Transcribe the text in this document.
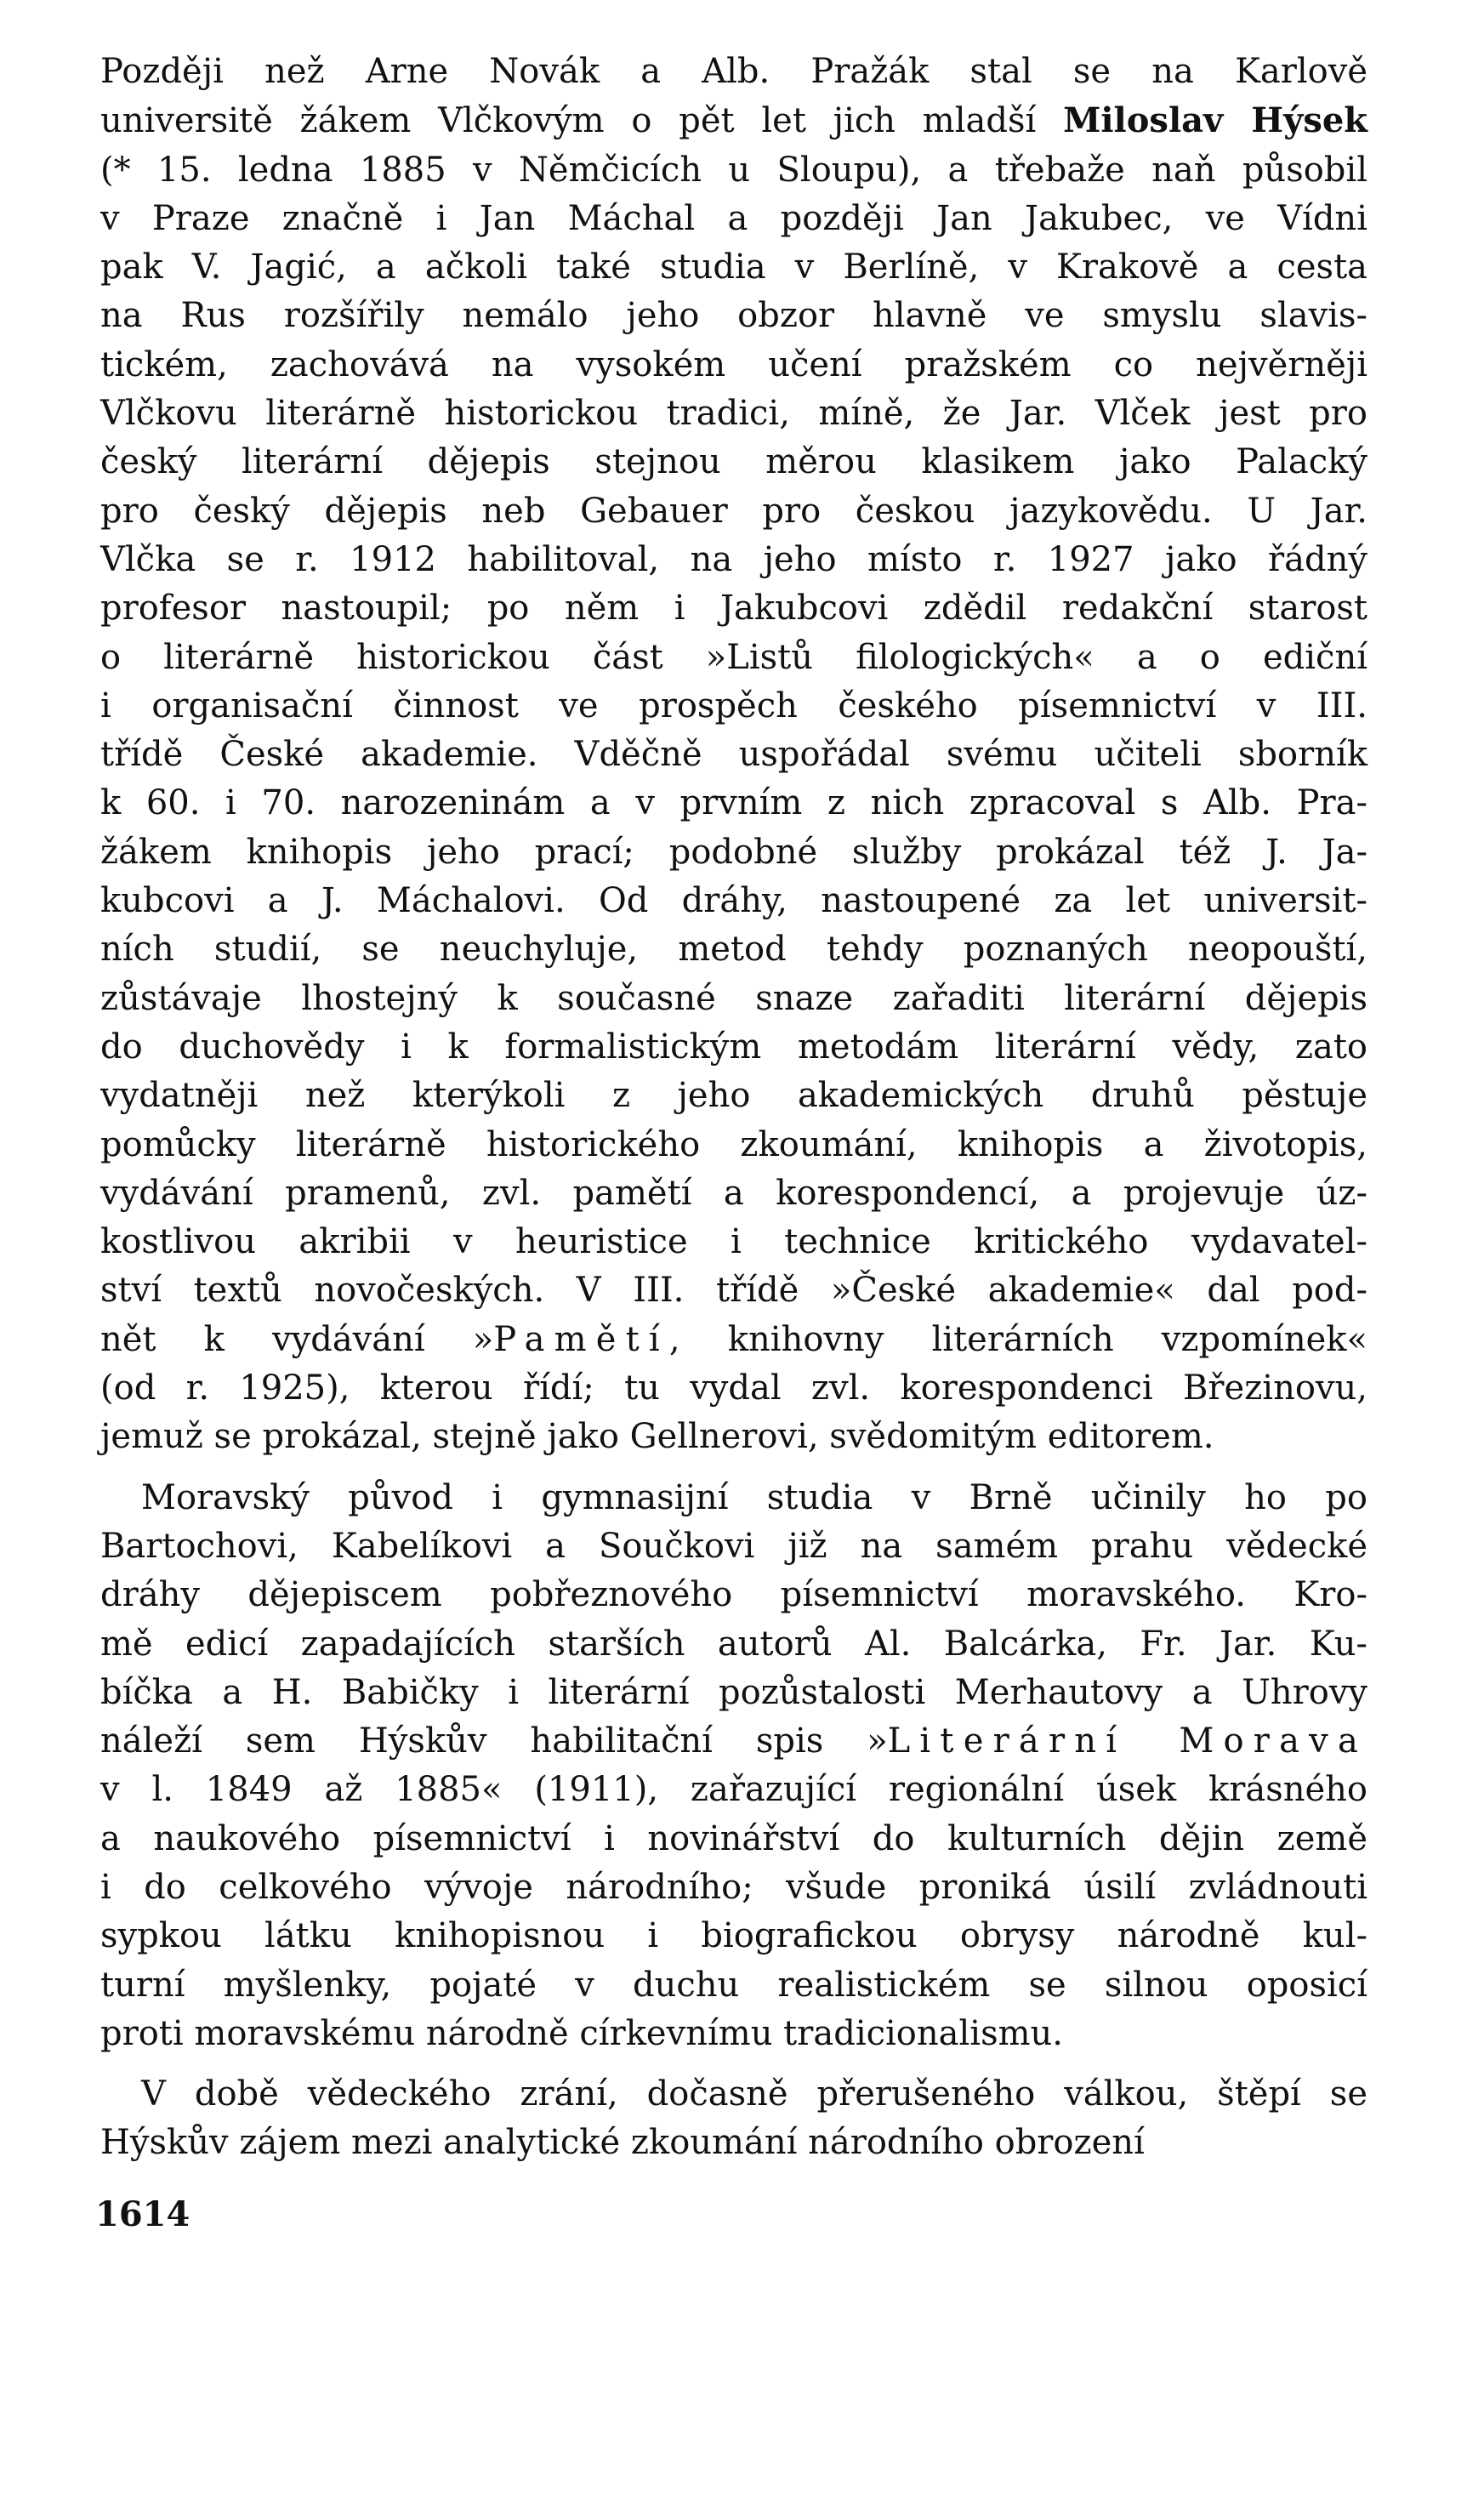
Později než Arne Novák a Alb. Pražák stal se na Karlově
universitě žákem Vlčkovým o pět let jich mladší Miloslav Hýsek
(* 15. ledna 1885 v Němčicích u Sloupu), a třebaže naň působil
v Praze značně i Jan Máchal a později Jan Jakubec, ve Vídni
pak V. Jagić, a ačkoli také studia v Berlíně, v Krakově a cesta
na Rus rozšířily nemálo jeho obzor hlavně ve smyslu slavis-
tickém, zachovává na vysokém učení pražském co nejvěrněji
Vlčkovu literárně historickou tradici, míně, že Jar. Vlček jest pro
český literární dějepis stejnou měrou klasikem jako Palacký
pro český dějepis neb Gebauer pro českou jazykovědu. U Jar.
Vlčka se r. 1912 habilitoval, na jeho místo r. 1927 jako řádný
profesor nastoupil; po něm i Jakubcovi zdědil redakční starost
o literárně historickou část »Listů filologických« a o ediční
i organisační činnost ve prospěch českého písemnictví v III.
třídě České akademie. Vděčně uspořádal svému učiteli sborník
k 60. i 70. narozeninám a v prvním z nich zpracoval s Alb. Pra-
žákem knihopis jeho prací; podobné služby prokázal též J. Ja-
kubcovi a J. Máchalovi. Od dráhy, nastoupené za let universit-
ních studií, se neuchyluje, metod tehdy poznaných neopouští,
zůstávaje lhostejný k současné snaze zařaditi literární dějepis
do duchovědy i k formalistickým metodám literární vědy, zato
vydatněji než kterýkoli z jeho akademických druhů pěstuje
pomůcky literárně historického zkoumání, knihopis a životopis,
vydávání pramenů, zvl. pamětí a korespondencí, a projevuje úz-
kostlivou akribii v heuristice i technice kritického vydavatel-
ství textů novočeských. V III. třídě »České akademie« dal pod-
nět k vydávání »Pamětí, knihovny literárních vzpomínek«
(od r. 1925), kterou řídí; tu vydal zvl. korespondenci Březinovu,
jemuž se prokázal, stejně jako Gellnerovi, svědomitým editorem.
Moravský původ i gymnasijní studia v Brně učinily ho po
Bartochovi, Kabelíkovi a Součkovi již na samém prahu vědecké
dráhy dějepiscem pobřeznového písemnictví moravského. Kro-
mě edicí zapadajících starších autorů Al. Balcárka, Fr. Jar. Ku-
bíčka a H. Babičky i literární pozůstalosti Merhautovy a Uhrovy
náleží sem Hýskův habilitační spis »Literární Morava
v l. 1849 až 1885« (1911), zařazující regionální úsek krásného
a naukového písemnictví i novinářství do kulturních dějin země
i do celkového vývoje národního; všude proniká úsilí zvládnouti
sypkou látku knihopisnou i biografickou obrysy národně kul-
turní myšlenky, pojaté v duchu realistickém se silnou oposicí
proti moravskému národně církevnímu tradicionalismu.
V době vědeckého zrání, dočasně přerušeného válkou, štěpí se
Hýskův zájem mezi analytické zkoumání národního obrození
1614
